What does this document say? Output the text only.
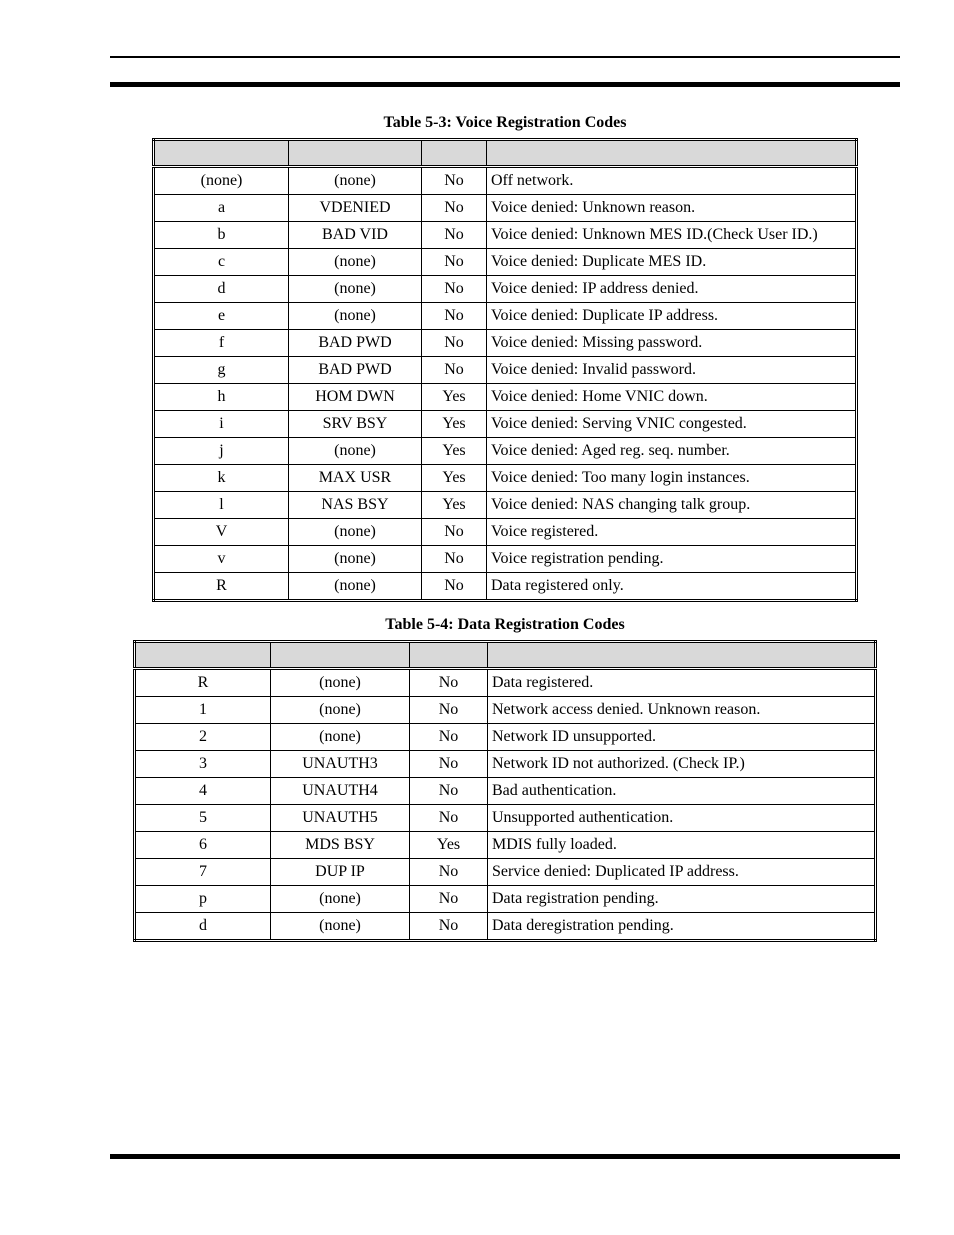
Table 5-3: Voice Registration Codes

(none)	(none)	No	Off network.
a	VDENIED	No	Voice denied: Unknown reason.
b	BAD VID	No	Voice denied: Unknown MES ID.(Check User ID.)
c	(none)	No	Voice denied: Duplicate MES ID.
d	(none)	No	Voice denied: IP address denied.
e	(none)	No	Voice denied: Duplicate IP address.
f	BAD PWD	No	Voice denied: Missing password.
g	BAD PWD	No	Voice denied: Invalid password.
h	HOM DWN	Yes	Voice denied: Home VNIC down.
i	SRV BSY	Yes	Voice denied: Serving VNIC congested.
j	(none)	Yes	Voice denied: Aged reg. seq. number.
k	MAX USR	Yes	Voice denied: Too many login instances.
l	NAS BSY	Yes	Voice denied: NAS changing talk group.
V	(none)	No	Voice registered.
v	(none)	No	Voice registration pending.
R	(none)	No	Data registered only.
Table 5-4: Data Registration Codes

R	(none)	No	Data registered.
1	(none)	No	Network access denied. Unknown reason.
2	(none)	No	Network ID unsupported.
3	UNAUTH3	No	Network ID not authorized. (Check IP.)
4	UNAUTH4	No	Bad authentication.
5	UNAUTH5	No	Unsupported authentication.
6	MDS BSY	Yes	MDIS fully loaded.
7	DUP IP	No	Service denied: Duplicated IP address.
p	(none)	No	Data registration pending.
d	(none)	No	Data deregistration pending.
